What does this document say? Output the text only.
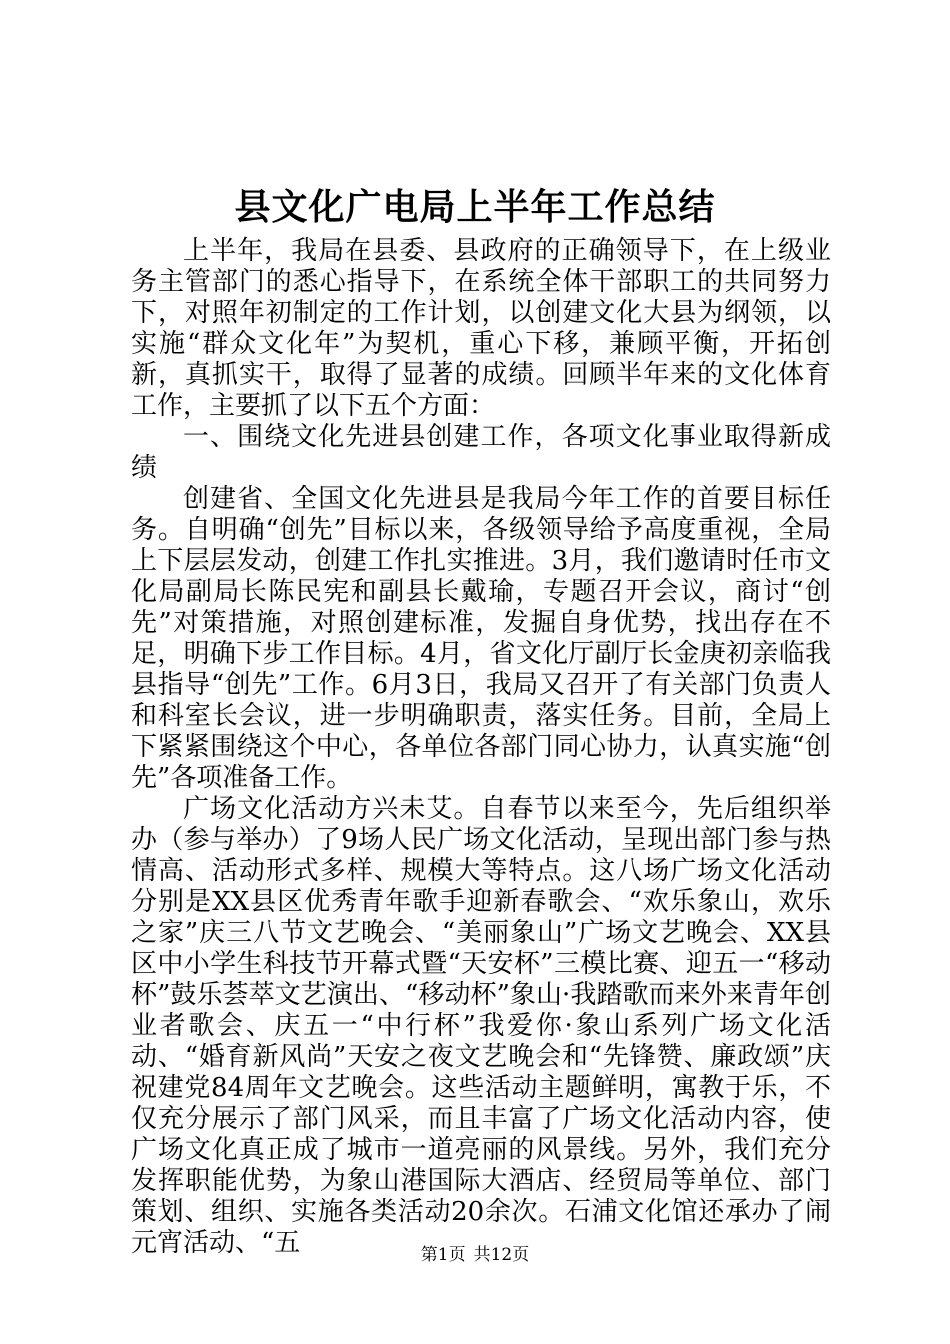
县文化广电局上半年工作总结

上半年，我局在县委、县政府的正确领导下，在上级业务主管部门的悉心指导下，在系统全体干部职工的共同努力下，对照年初制定的工作计划，以创建文化大县为纲领，以实施“群众文化年”为契机，重心下移，兼顾平衡，开拓创新，真抓实干，取得了显著的成绩。回顾半年来的文化体育工作，主要抓了以下五个方面：

一、围绕文化先进县创建工作，各项文化事业取得新成绩

创建省、全国文化先进县是我局今年工作的首要目标任务。自明确“创先”目标以来，各级领导给予高度重视，全局上下层层发动，创建工作扎实推进。3月，我们邀请时任市文化局副局长陈民宪和副县长戴瑜，专题召开会议，商讨“创先”对策措施，对照创建标准，发掘自身优势，找出存在不足，明确下步工作目标。4月，省文化厅副厅长金庚初亲临我县指导“创先”工作。6月3日，我局又召开了有关部门负责人和科室长会议，进一步明确职责，落实任务。目前，全局上下紧紧围绕这个中心，各单位各部门同心协力，认真实施“创先”各项准备工作。

广场文化活动方兴未艾。自春节以来至今，先后组织举办（参与举办）了9场人民广场文化活动，呈现出部门参与热情高、活动形式多样、规模大等特点。这八场广场文化活动分别是XX县区优秀青年歌手迎新春歌会、“欢乐象山，欢乐之家”庆三八节文艺晚会、“美丽象山”广场文艺晚会、XX县区中小学生科技节开幕式暨“天安杯”三模比赛、迎五一“移动杯”鼓乐荟萃文艺演出、“移动杯”象山·我踏歌而来外来青年创业者歌会、庆五一“中行杯”我爱你·象山系列广场文化活动、“婚育新风尚”天安之夜文艺晚会和“先锋赞、廉政颂”庆祝建党84周年文艺晚会。这些活动主题鲜明，寓教于乐，不仅充分展示了部门风采，而且丰富了广场文化活动内容，使广场文化真正成了城市一道亮丽的风景线。另外，我们充分发挥职能优势，为象山港国际大酒店、经贸局等单位、部门策划、组织、实施各类活动20余次。石浦文化馆还承办了闹元宵活动、“五	第1页 共12页
